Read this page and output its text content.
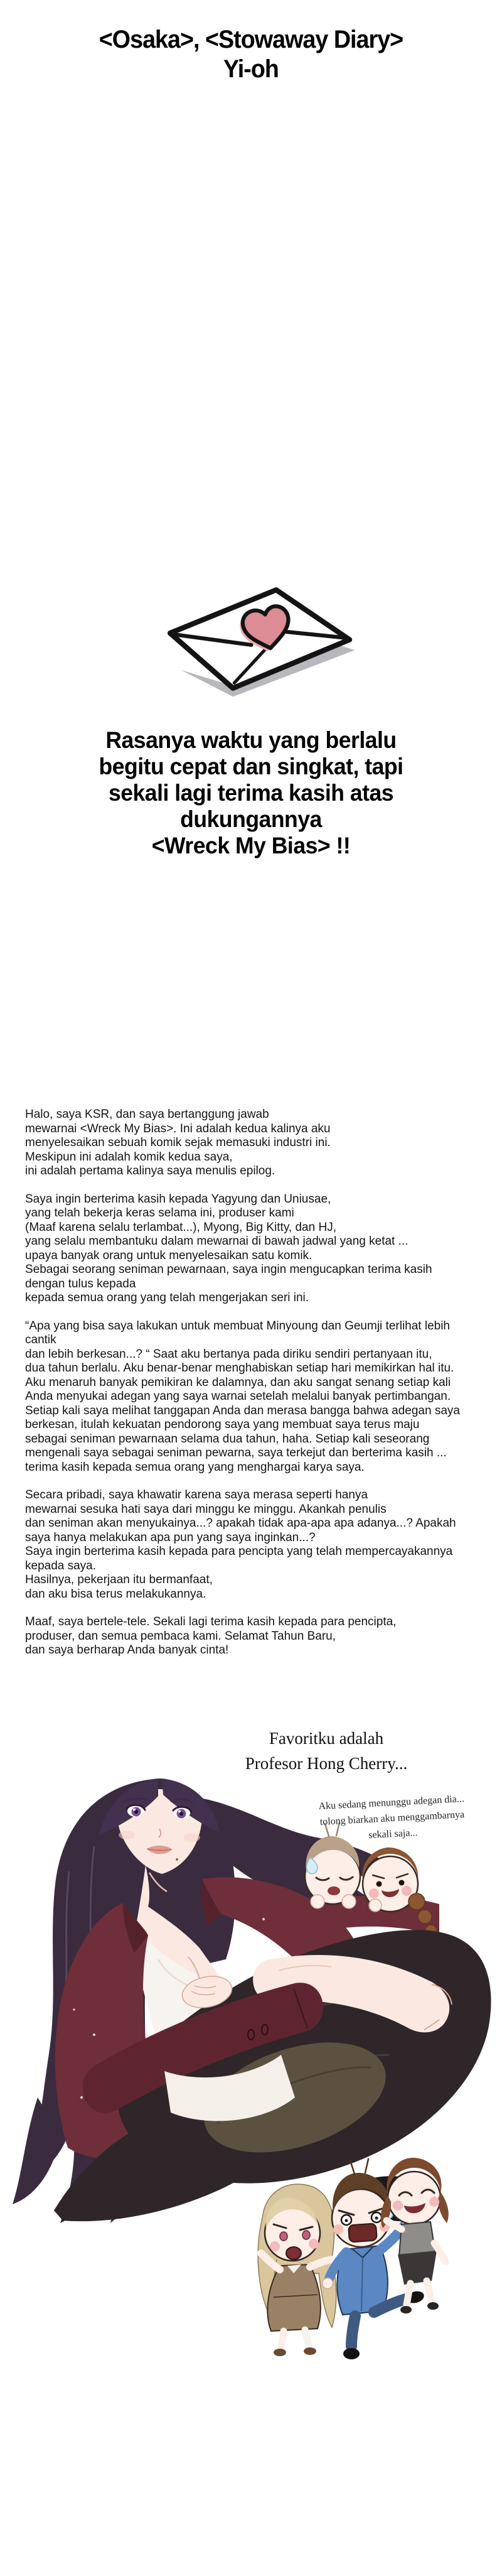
<Osaka>, <Stowaway Diary>
Yi-oh
Rasanya waktu yang berlalu
begitu cepat dan singkat, tapi
sekali lagi terima kasih atas
dukungannya
<Wreck My Bias> !!

Halo, saya KSR, dan saya bertanggung jawab
mewarnai <Wreck My Bias>. Ini adalah kedua kalinya aku
menyelesaikan sebuah komik sejak memasuki industri ini.
Meskipun ini adalah komik kedua saya,
ini adalah pertama kalinya saya menulis epilog.

Saya ingin berterima kasih kepada Yagyung dan Uniusae,
yang telah bekerja keras selama ini, produser kami
(Maaf karena selalu terlambat...), Myong, Big Kitty, dan HJ,
yang selalu membantuku dalam mewarnai di bawah jadwal yang ketat ...
upaya banyak orang untuk menyelesaikan satu komik.
Sebagai seorang seniman pewarnaan, saya ingin mengucapkan terima kasih
dengan tulus kepada
kepada semua orang yang telah mengerjakan seri ini.

“Apa yang bisa saya lakukan untuk membuat Minyoung dan Geumji terlihat lebih
cantik
dan lebih berkesan...? “ Saat aku bertanya pada diriku sendiri pertanyaan itu,
dua tahun berlalu. Aku benar-benar menghabiskan setiap hari memikirkan hal itu.
Aku menaruh banyak pemikiran ke dalamnya, dan aku sangat senang setiap kali
Anda menyukai adegan yang saya warnai setelah melalui banyak pertimbangan.
Setiap kali saya melihat tanggapan Anda dan merasa bangga bahwa adegan saya
berkesan, itulah kekuatan pendorong saya yang membuat saya terus maju
sebagai seniman pewarnaan selama dua tahun, haha. Setiap kali seseorang
mengenali saya sebagai seniman pewarna, saya terkejut dan berterima kasih ...
terima kasih kepada semua orang yang menghargai karya saya.

Secara pribadi, saya khawatir karena saya merasa seperti hanya
mewarnai sesuka hati saya dari minggu ke minggu. Akankah penulis
dan seniman akan menyukainya...? apakah tidak apa-apa apa adanya...? Apakah
saya hanya melakukan apa pun yang saya inginkan...?
Saya ingin berterima kasih kepada para pencipta yang telah mempercayakannya
kepada saya.
Hasilnya, pekerjaan itu bermanfaat,
dan aku bisa terus melakukannya.

Maaf, saya bertele-tele. Sekali lagi terima kasih kepada para pencipta,
produser, dan semua pembaca kami. Selamat Tahun Baru,
dan saya berharap Anda banyak cinta!

Favoritku adalah
Profesor Hong Cherry...
Aku sedang menunggu adegan dia...
tolong biarkan aku menggambarnya
sekali saja...
